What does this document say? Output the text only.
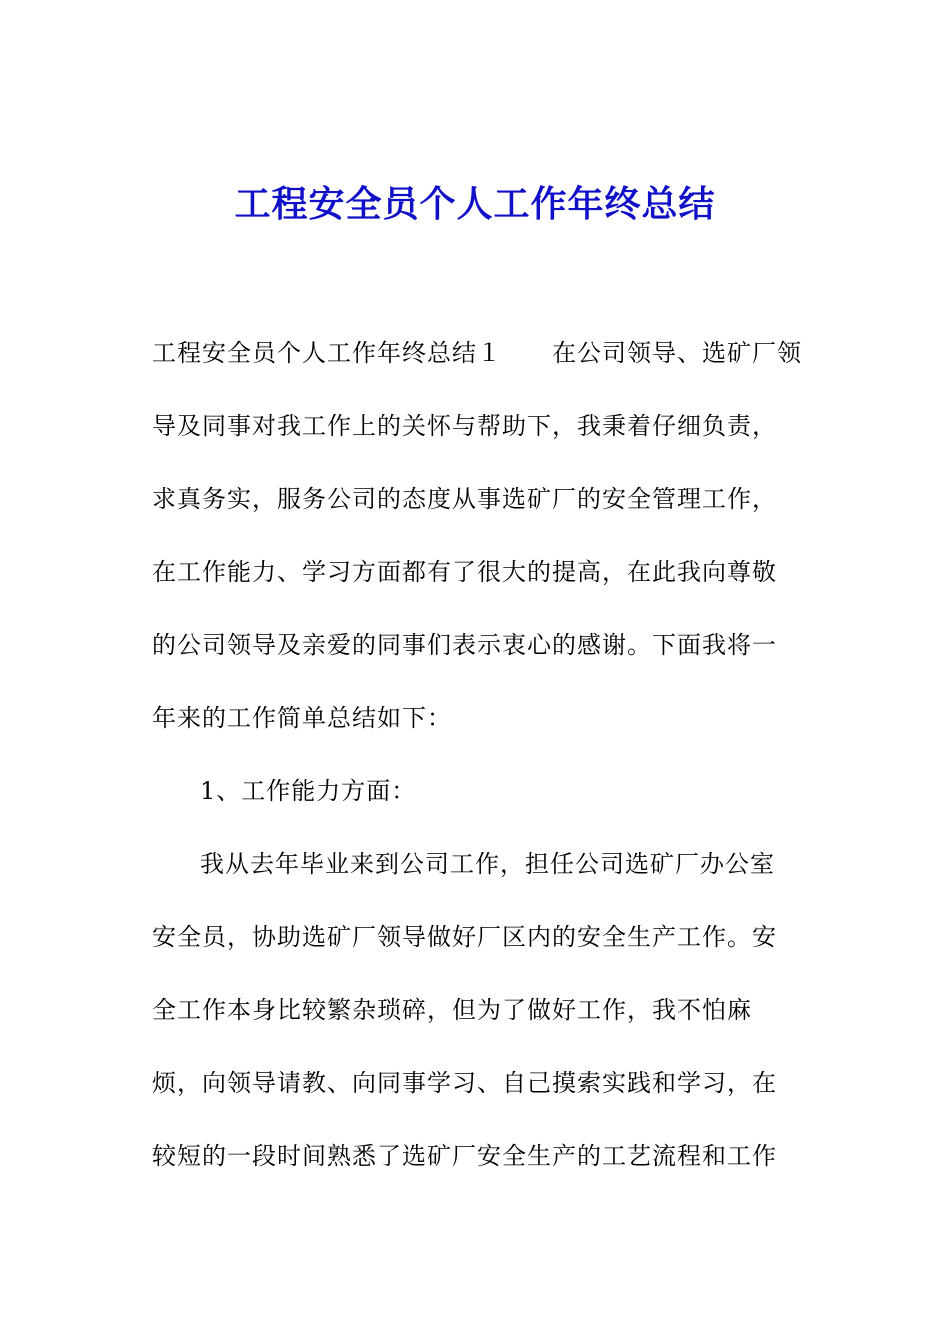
工程安全员个人工作年终总结
工程安全员个人工作年终总结１　　在公司领导、选矿厂领
导及同事对我工作上的关怀与帮助下，我秉着仔细负责，
求真务实，服务公司的态度从事选矿厂的安全管理工作，
在工作能力、学习方面都有了很大的提高，在此我向尊敬
的公司领导及亲爱的同事们表示衷心的感谢。下面我将一
年来的工作简单总结如下：
1、工作能力方面：
我从去年毕业来到公司工作，担任公司选矿厂办公室
安全员，协助选矿厂领导做好厂区内的安全生产工作。安
全工作本身比较繁杂琐碎，但为了做好工作，我不怕麻
烦，向领导请教、向同事学习、自己摸索实践和学习，在
较短的一段时间熟悉了选矿厂安全生产的工艺流程和工作
